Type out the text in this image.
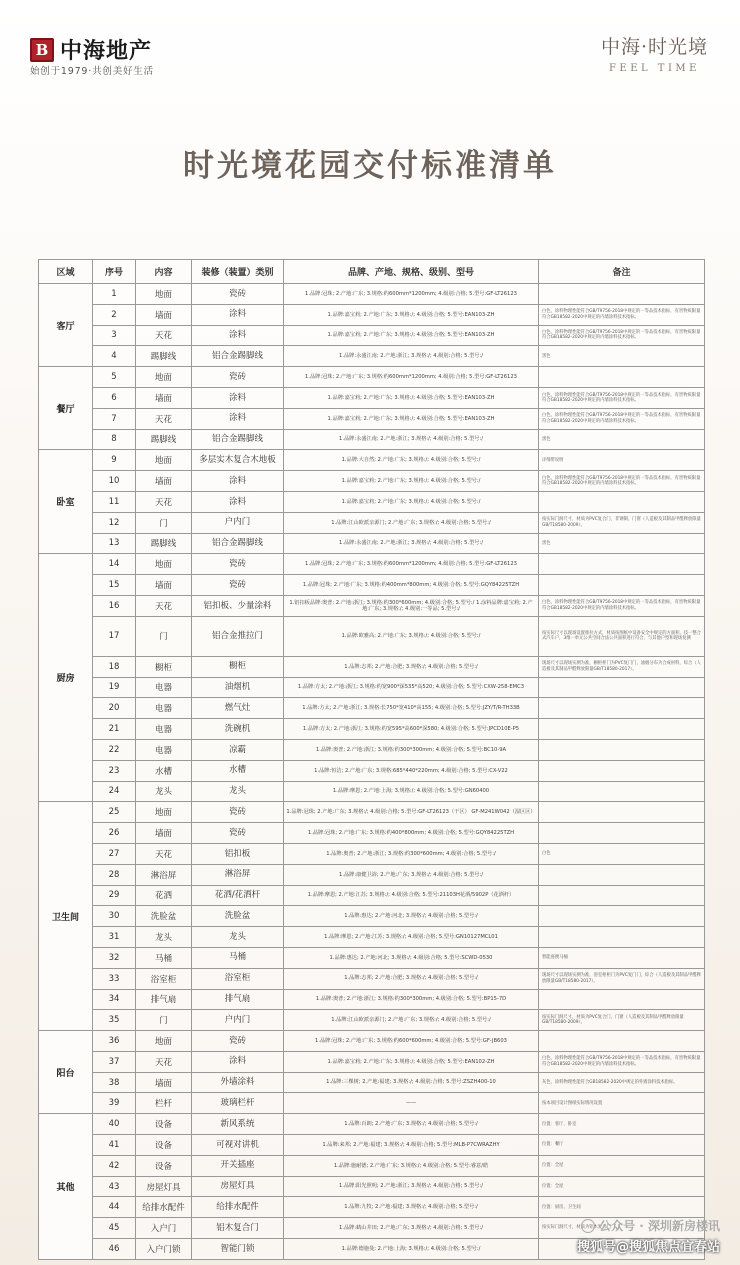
B 中海地产
始创于1979·共创美好生活
中海·时光境
FEEL TIME
时光境花园交付标准清单
区域	序号	内容	装修（装置）类别	品牌、产地、规格、级别、型号	备注
客厅	1	地面	瓷砖	1.品牌:冠珠; 2.产地:广东; 3.规格:约600mm*1200mm; 4.级别:合格; 5.型号:GF-LT26123	
	2	墙面	涂料	1.品牌:嘉宝莉; 2.产地:广东; 3.规格:/; 4.级别:合格; 5.型号:EAN103-ZH	白色，涂料物理性能符合GB/T9756-2018中规定的一等品技术指标，有害物质限量符合GB18582-2020中规定的内墙涂料技术指标。
	3	天花	涂料	1.品牌:嘉宝莉; 2.产地:广东; 3.规格:/; 4.级别:合格; 5.型号:EAN103-ZH	白色，涂料物理性能符合GB/T9756-2018中规定的一等品技术指标，有害物质限量符合GB18582-2020中规定的内墙涂料技术指标。
	4	踢脚线	铝合金踢脚线	1.品牌:永盛江南; 2.产地:浙江; 3.规格:/; 4.级别:合格; 5.型号:/	黑色
餐厅	5	地面	瓷砖	1.品牌:冠珠; 2.产地:广东; 3.规格:约600mm*1200mm; 4.级别:合格; 5.型号:GF-LT26123	
	6	墙面	涂料	1.品牌:嘉宝莉; 2.产地:广东; 3.规格:/; 4.级别:合格; 5.型号:EAN103-ZH	白色，涂料物理性能符合GB/T9756-2018中规定的一等品技术指标，有害物质限量符合GB18582-2020中规定的内墙涂料技术指标。
	7	天花	涂料	1.品牌:嘉宝莉; 2.产地:广东; 3.规格:/; 4.级别:合格; 5.型号:EAN103-ZH	白色，涂料物理性能符合GB/T9756-2018中规定的一等品技术指标，有害物质限量符合GB18582-2020中规定的内墙涂料技术指标。
	8	踢脚线	铝合金踢脚线	1.品牌:永盛江南; 2.产地:浙江; 3.规格:/; 4.级别:合格; 5.型号:/	黑色
卧室	9	地面	多层实木复合木地板	1.品牌:大自然; 2.产地:广东; 3.规格:/; 4.级别:合格; 5.型号:/	详细带说明
	10	墙面	涂料	1.品牌:嘉宝莉; 2.产地:广东; 3.规格:/; 4.级别:合格; 5.型号:/	白色，涂料物理性能符合GB/T9756-2018中规定的一等品技术指标，有害物质限量符合GB18582-2020中规定的内墙涂料技术指标。
	11	天花	涂料	1.品牌:嘉宝莉; 2.产地:广东; 3.规格:/; 4.级别:合格; 5.型号:/	
	12	门	户内门	1.品牌:江山欧派亲源门; 2.产地:广东; 3.规格:/; 4.级别:合格; 5.型号:/	按实际门洞尺寸，材质为PVC复合门，非钢制，门窗（人造板及其制品甲醛释放限量GB/T18580-2009）。
	13	踢脚线	铝合金踢脚线	1.品牌:永盛江南; 2.产地:浙江; 3.规格:/; 4.级别:合格; 5.型号:/	黑色
厨房	14	地面	瓷砖	1.品牌:冠珠; 2.产地:广东; 3.规格:约600mm*1200mm; 4.级别:合格; 5.型号:GF-LT26123	
	15	墙面	瓷砖	1.品牌:冠珠; 2.产地:广东; 3.规格:约400mm*800mm; 4.级别:合格; 5.型号:GQY84225TZH	
	16	天花	铝扣板、少量涂料	1.铝扣板品牌:奥普; 2.产地:浙江; 3.规格:约300*600mm; 4.级别:合格; 5.型号:/ 1.涂料品牌:嘉宝莉; 2.产地:广东; 3.规格:/; 4.级别:一等品; 5.型号:/	白色，涂料物理性能符合GB/T9756-2018中规定的一等品技术指标，有害物质限量符合GB18582-2020中规定的内墙涂料技术指标。
	17	门	铝合金推拉门	1.品牌:欧雅高; 2.产地:广东; 3.规格:/; 4.级别:合格; 5.型号:/	按实际尺寸以现场设置推拉方式，材质按图纸中设备安全中规定的方面积，技一整合式汽车户，3维一单元公共空间合法公共面积进行符合，与其他户型和现场复测
	18	橱柜	橱柜	1.品牌:志邦; 2.产地:合肥; 3.规格:/; 4.级别:合格; 5.型号:/	现场尺寸以现场实测为准，橱柜柜门为PVC复门门，油烟分布为合成材料，综合（人造板及其制品甲醛释放限量GB/T18580-2017）。
	19	电器	油烟机	1.品牌:方太; 2.产地:浙江; 3.规格:约宽900*深535*高520; 4.级别:合格; 5.型号:CXW-258-EMC3	
	20	电器	燃气灶	1.品牌:方太; 2.产地:浙江; 3.规格:长750*宽410*高155; 4.级别:合格; 5.型号:JZY/T/R-TH33B	
	21	电器	洗碗机	1.品牌:方太; 2.产地:浙江; 3.规格:约宽595*高600*深580; 4.级别:合格; 5.型号:JPCD10E-P5	
	22	电器	凉霸	1.品牌:奥普; 2.产地:浙江; 3.规格:约300*300mm; 4.级别:合格; 5.型号:BC10-9A	
	23	水槽	水槽	1.品牌:恒洁; 2.产地:广东; 3.规格:685*440*220mm; 4.级别:合格; 5.型号:CX-V22	
	24	龙头	龙头	1.品牌:摩恩; 2.产地:上海; 3.规格:/; 4.级别:合格; 5.型号:GN60400	
卫生间	25	地面	瓷砖	1.品牌:冠珠; 2.产地:广东; 3.规格:/; 4.级别:合格; 5.型号:GF-LT26123（干区） GF-M241W042（湿区区）	
	26	墙面	瓷砖	1.品牌:冠珠; 2.产地:广东; 3.规格:约400*800mm; 4.级别:合格; 5.型号:GQY84225TZH	
	27	天花	铝扣板	1.品牌:奥普; 2.产地:浙江; 3.规格:约300*600mm; 4.级别:合格; 5.型号:/	白色
	28	淋浴屏	淋浴屏	1.品牌:康健卫浴; 2.产地:广东; 3.规格:/; 4.级别:合格; 5.型号:/	
	29	花洒	花洒/花洒杆	1.品牌:摩恩; 2.产地:江苏; 3.规格:/; 4.级别:合格; 5.型号:21103H花洒/5902P（花洒杆）	
	30	洗脸盆	洗脸盆	1.品牌:惠达; 2.产地:河北; 3.规格:/; 4.级别:合格; 5.型号:/	
	31	龙头	龙头	1.品牌:摩恩; 2.产地:江苏; 3.规格:/; 4.级别:合格; 5.型号:GN10127MCL01	
	32	马桶	马桶	1.品牌:惠达; 2.产地:河北; 3.规格:/; 4.级别:合格; 5.型号:SCWD-0530	智能座便马桶
	33	浴室柜	浴室柜	1.品牌:志邦; 2.产地:合肥; 3.规格:/; 4.级别:合格; 5.型号:/	现场尺寸以现场实测为准，浴室柜柜门为PVC复门门，综合（人造板及其制品甲醛释放限量GB/T18580-2017）。
	34	排气扇	排气扇	1.品牌:奥普; 2.产地:浙江; 3.规格:约300*300mm; 4.级别:合格; 5.型号:BP15-7D	
	35	门	户内门	1.品牌:江山欧派亲源门; 2.产地:广东; 3.规格:/; 4.级别:合格; 5.型号:/	按实际门洞尺寸，材质为PVC复合门，门窗（人造板及其制品甲醛释放限量GB/T18580-2009）。
阳台	36	地面	瓷砖	1.品牌:冠珠; 2.产地:广东; 3.规格:约600*600mm; 4.级别:合格; 5.型号:GF-JB603	
	37	天花	涂料	1.品牌:嘉宝莉; 2.产地:广东; 3.规格:/; 4.级别:合格; 5.型号:EAN102-ZH	白色，涂料物理性能符合GB/T9756-2018中规定的一等品技术指标，有害物质限量符合GB18582-2020中规定的内墙涂料技术指标。
	38	墙面	外墙涂料	1.品牌:三棵树; 2.产地:福建; 3.规格:/; 4.级别:合格; 5.型号:ZSZH400-10	灰色，涂料物理性能符合GB18582-2020中规定的外墙涂料技术指标。
	39	栏杆	玻璃栏杆	——	按本项目设计图纸实际情况设置
其他	40	设备	新风系统	1.品牌:百朗; 2.产地:广东; 3.规格:/; 4.级别:合格; 5.型号:/	位置：客厅、卧室
	41	设备	可视对讲机	1.品牌:来邦; 2.产地:福建; 3.规格:/; 4.级别:合格; 5.型号:MLB-P7CWRAZHY	位置：餐厅
	42	设备	开关插座	1.品牌:施耐德; 2.产地:广东; 3.规格:/; 4.级别:合格; 5.型号:睿意/皓	位置：全屋
	43	房屋灯具	房屋灯具	1.品牌:阳光照明; 2.产地:浙江; 3.规格:/; 4.级别:合格; 5.型号:/	位置：全屋
	44	给排水配件	给排水配件	1.品牌:九牧; 2.产地:福建; 3.规格:/; 4.级别:合格; 5.型号:/	位置：厨房、卫生间
	45	入户门	铝木复合门	1.品牌:鹤山井田; 2.产地:广东; 3.规格:/; 4.级别:合格; 5.型号:/	按实际门洞尺寸，材质为铝木复合门
	46	入户门锁	智能门锁	1.品牌:德施曼; 2.产地:上海; 3.规格:/; 4.级别:合格; 5.型号:/	
公众号 · 深圳新房楼讯
搜狐号@搜狐焦点宜春站
